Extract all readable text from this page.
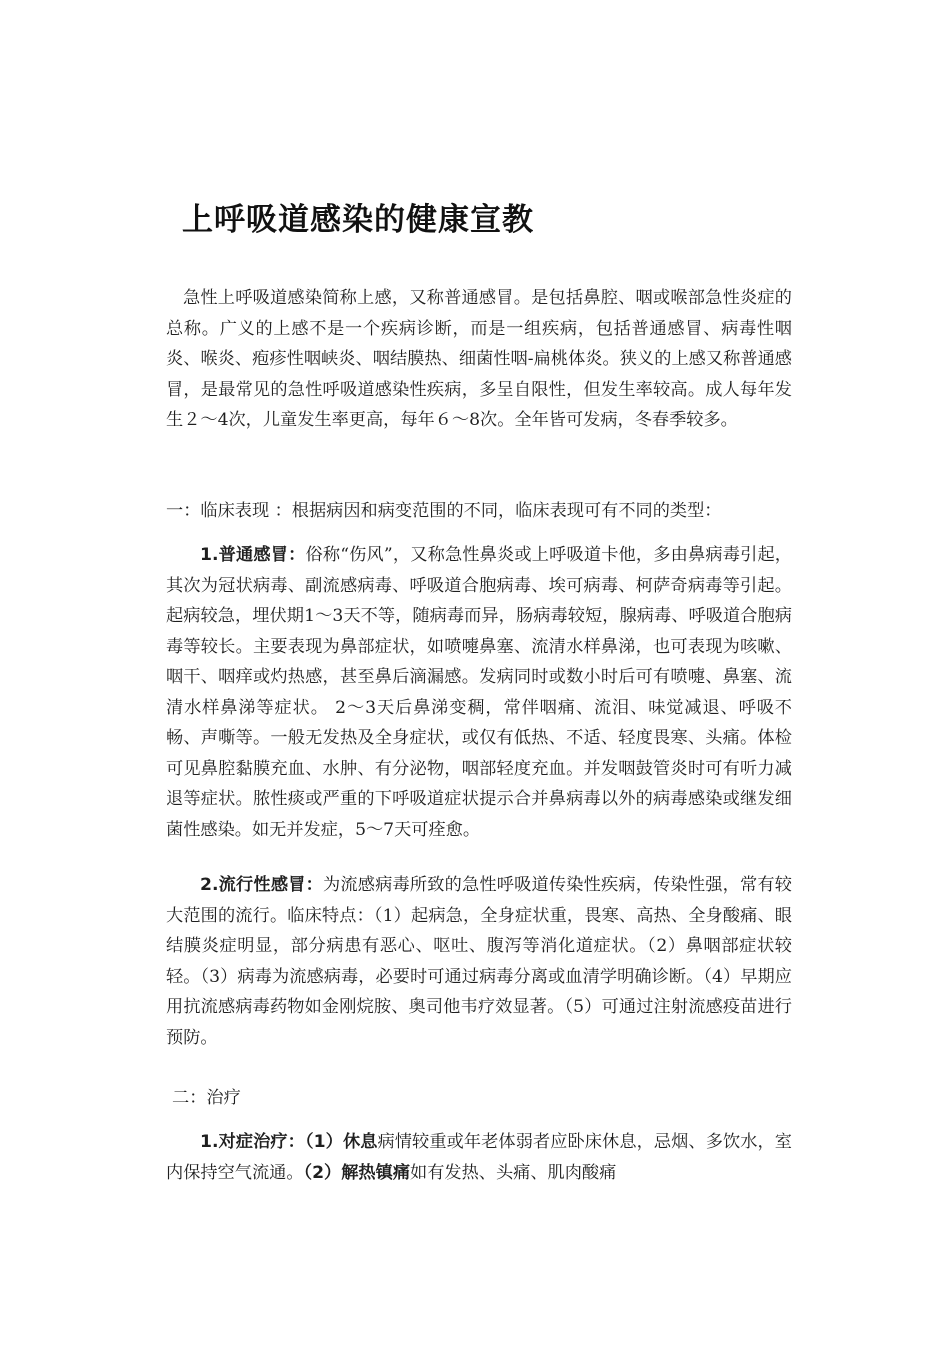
上呼吸道感染的健康宣教

急性上呼吸道感染简称上感，又称普通感冒。是包括鼻腔、咽或喉部急性炎症的总称。广义的上感不是一个疾病诊断，而是一组疾病，包括普通感冒、病毒性咽炎、喉炎、疱疹性咽峡炎、咽结膜热、细菌性咽-扁桃体炎。狭义的上感又称普通感冒，是最常见的急性呼吸道感染性疾病，多呈自限性，但发生率较高。成人每年发生２～4次，儿童发生率更高，每年６～8次。全年皆可发病，冬春季较多。

一：临床表现 ：根据病因和病变范围的不同，临床表现可有不同的类型：

1.普通感冒：俗称“伤风”，又称急性鼻炎或上呼吸道卡他，多由鼻病毒引起，其次为冠状病毒、副流感病毒、呼吸道合胞病毒、埃可病毒、柯萨奇病毒等引起。起病较急，埋伏期1～3天不等，随病毒而异，肠病毒较短，腺病毒、呼吸道合胞病毒等较长。主要表现为鼻部症状，如喷嚏鼻塞、流清水样鼻涕，也可表现为咳嗽、咽干、咽痒或灼热感，甚至鼻后滴漏感。发病同时或数小时后可有喷嚏、鼻塞、流清水样鼻涕等症状。 2～3天后鼻涕变稠，常伴咽痛、流泪、味觉减退、呼吸不畅、声嘶等。一般无发热及全身症状，或仅有低热、不适、轻度畏寒、头痛。体检可见鼻腔黏膜充血、水肿、有分泌物，咽部轻度充血。并发咽鼓管炎时可有听力减退等症状。脓性痰或严重的下呼吸道症状提示合并鼻病毒以外的病毒感染或继发细菌性感染。如无并发症，5～7天可痊愈。

2.流行性感冒：为流感病毒所致的急性呼吸道传染性疾病，传染性强，常有较大范围的流行。临床特点：（1）起病急，全身症状重，畏寒、高热、全身酸痛、眼结膜炎症明显，部分病患有恶心、呕吐、腹泻等消化道症状。（2）鼻咽部症状较轻。（3）病毒为流感病毒，必要时可通过病毒分离或血清学明确诊断。（4）早期应用抗流感病毒药物如金刚烷胺、奥司他韦疗效显著。（5）可通过注射流感疫苗进行预防。

二：治疗

1.对症治疗：（1）休息病情较重或年老体弱者应卧床休息，忌烟、多饮水，室内保持空气流通。（2）解热镇痛如有发热、头痛、肌肉酸痛
